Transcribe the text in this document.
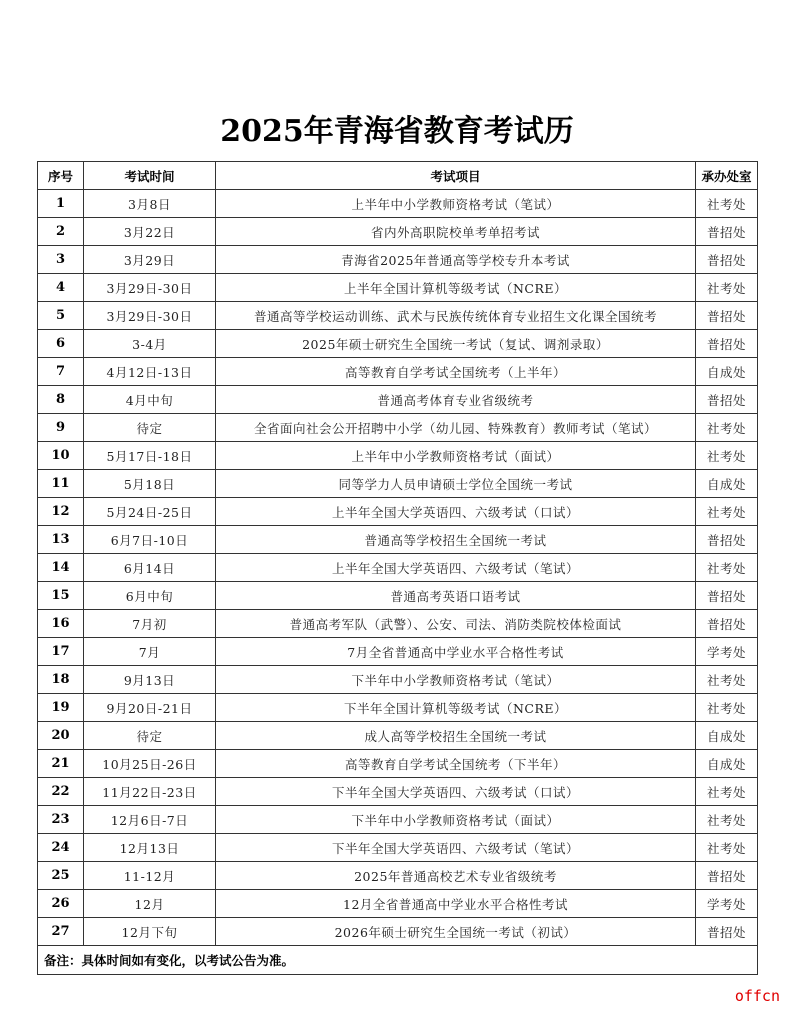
2025年青海省教育考试历
序号	考试时间	考试项目	承办处室
1	3月8日	上半年中小学教师资格考试（笔试）	社考处
2	3月22日	省内外高职院校单考单招考试	普招处
3	3月29日	青海省2025年普通高等学校专升本考试	普招处
4	3月29日-30日	上半年全国计算机等级考试（NCRE）	社考处
5	3月29日-30日	普通高等学校运动训练、武术与民族传统体育专业招生文化课全国统考	普招处
6	3-4月	2025年硕士研究生全国统一考试（复试、调剂录取）	普招处
7	4月12日-13日	高等教育自学考试全国统考（上半年）	自成处
8	4月中旬	普通高考体育专业省级统考	普招处
9	待定	全省面向社会公开招聘中小学（幼儿园、特殊教育）教师考试（笔试）	社考处
10	5月17日-18日	上半年中小学教师资格考试（面试）	社考处
11	5月18日	同等学力人员申请硕士学位全国统一考试	自成处
12	5月24日-25日	上半年全国大学英语四、六级考试（口试）	社考处
13	6月7日-10日	普通高等学校招生全国统一考试	普招处
14	6月14日	上半年全国大学英语四、六级考试（笔试）	社考处
15	6月中旬	普通高考英语口语考试	普招处
16	7月初	普通高考军队（武警）、公安、司法、消防类院校体检面试	普招处
17	7月	7月全省普通高中学业水平合格性考试	学考处
18	9月13日	下半年中小学教师资格考试（笔试）	社考处
19	9月20日-21日	下半年全国计算机等级考试（NCRE）	社考处
20	待定	成人高等学校招生全国统一考试	自成处
21	10月25日-26日	高等教育自学考试全国统考（下半年）	自成处
22	11月22日-23日	下半年全国大学英语四、六级考试（口试）	社考处
23	12月6日-7日	下半年中小学教师资格考试（面试）	社考处
24	12月13日	下半年全国大学英语四、六级考试（笔试）	社考处
25	11-12月	2025年普通高校艺术专业省级统考	普招处
26	12月	12月全省普通高中学业水平合格性考试	学考处
27	12月下旬	2026年硕士研究生全国统一考试（初试）	普招处
备注：具体时间如有变化，以考试公告为准。			
offcn
